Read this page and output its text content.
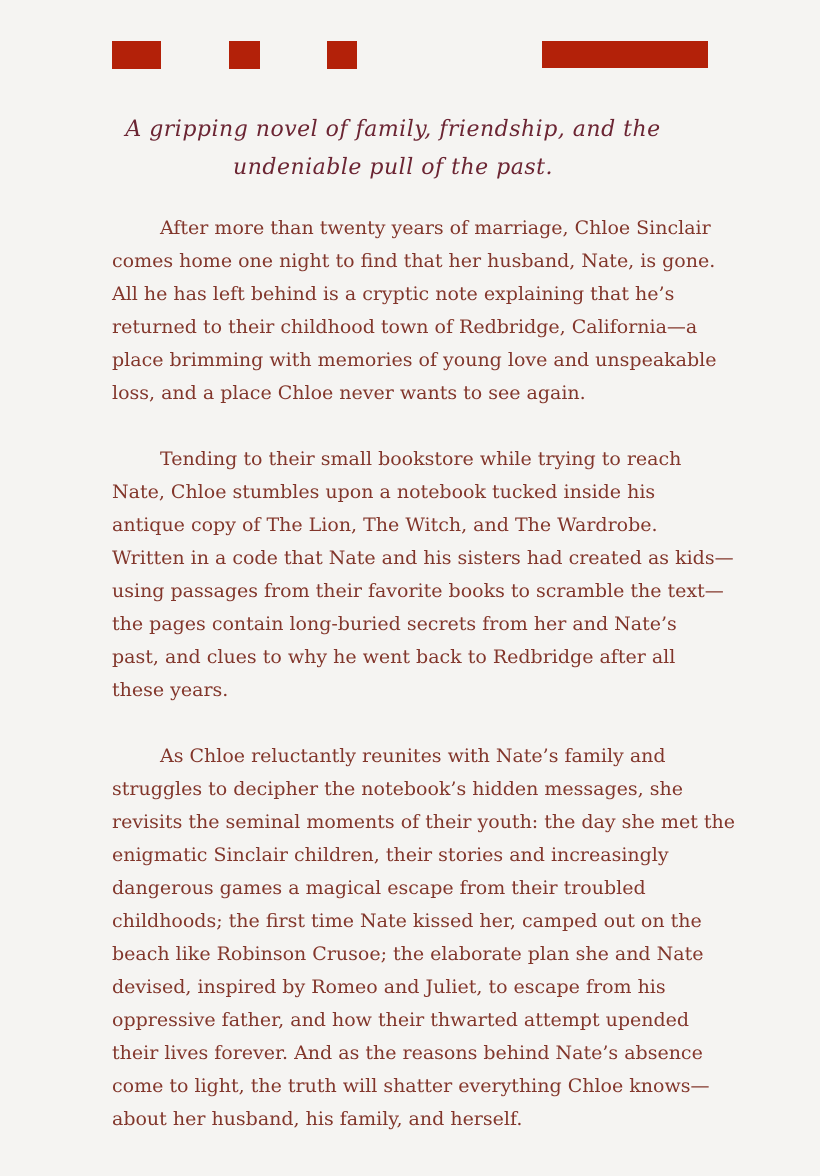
A gripping novel of family, friendship, and the
undeniable pull of the past.
After more than twenty years of marriage, Chloe Sinclair
comes home one night to find that her husband, Nate, is gone.
All he has left behind is a cryptic note explaining that he’s
returned to their childhood town of Redbridge, California—a
place brimming with memories of young love and unspeakable
loss, and a place Chloe never wants to see again.
Tending to their small bookstore while trying to reach
Nate, Chloe stumbles upon a notebook tucked inside his
antique copy of The Lion, The Witch, and The Wardrobe.
Written in a code that Nate and his sisters had created as kids—
using passages from their favorite books to scramble the text—
the pages contain long-buried secrets from her and Nate’s
past, and clues to why he went back to Redbridge after all
these years.
As Chloe reluctantly reunites with Nate’s family and
struggles to decipher the notebook’s hidden messages, she
revisits the seminal moments of their youth: the day she met the
enigmatic Sinclair children, their stories and increasingly
dangerous games a magical escape from their troubled
childhoods; the first time Nate kissed her, camped out on the
beach like Robinson Crusoe; the elaborate plan she and Nate
devised, inspired by Romeo and Juliet, to escape from his
oppressive father, and how their thwarted attempt upended
their lives forever. And as the reasons behind Nate’s absence
come to light, the truth will shatter everything Chloe knows—
about her husband, his family, and herself.
